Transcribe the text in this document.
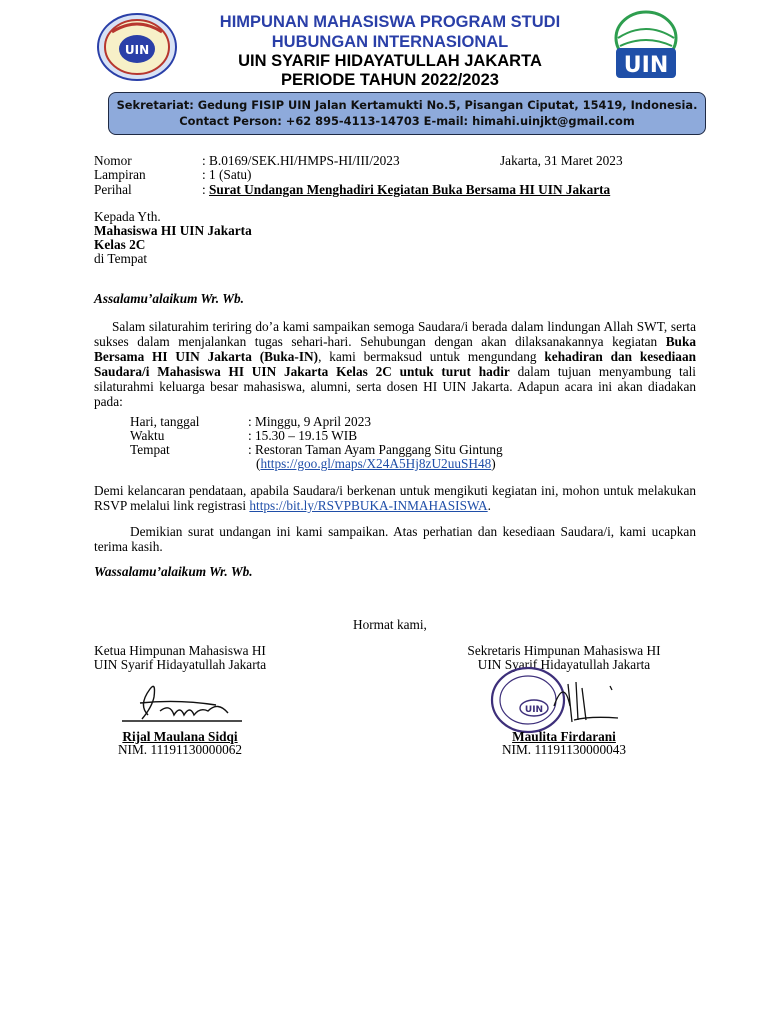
UIN
UIN
HIMPUNAN MAHASISWA PROGRAM STUDI
HUBUNGAN INTERNASIONAL
UIN SYARIF HIDAYATULLAH JAKARTA
PERIODE TAHUN 2022/2023
Sekretariat: Gedung FISIP UIN Jalan Kertamukti No.5, Pisangan Ciputat, 15419, Indonesia.
Contact Person: +62 895-4113-14703 E-mail: himahi.uinjkt@gmail.com
Nomor	: B.0169/SEK.HI/HMPS-HI/III/2023	Jakarta, 31 Maret 2023
Lampiran	: 1 (Satu)
Perihal	: Surat Undangan Menghadiri Kegiatan Buka Bersama HI UIN Jakarta
Kepada Yth.
Mahasiswa HI UIN Jakarta
Kelas 2C
di Tempat
Assalamu’alaikum Wr. Wb.
Salam silaturahim teriring do’a kami sampaikan semoga Saudara/i berada dalam lindungan Allah SWT, serta sukses dalam menjalankan tugas sehari-hari. Sehubungan dengan akan dilaksanakannya kegiatan Buka Bersama HI UIN Jakarta (Buka-IN), kami bermaksud untuk mengundang kehadiran dan kesediaan Saudara/i Mahasiswa HI UIN Jakarta Kelas 2C untuk turut hadir dalam tujuan menyambung tali silaturahmi keluarga besar mahasiswa, alumni, serta dosen HI UIN Jakarta. Adapun acara ini akan diadakan pada:
Hari, tanggal	: Minggu, 9 April 2023
Waktu	: 15.30 – 19.15 WIB
Tempat	: Restoran Taman Ayam Panggang Situ Gintung
(https://goo.gl/maps/X24A5Hj8zU2uuSH48)
Demi kelancaran pendataan, apabila Saudara/i berkenan untuk mengikuti kegiatan ini, mohon untuk melakukan RSVP melalui link registrasi https://bit.ly/RSVPBUKA-INMAHASISWA.
Demikian surat undangan ini kami sampaikan. Atas perhatian dan kesediaan Saudara/i, kami ucapkan terima kasih.
Wassalamu’alaikum Wr. Wb.
Hormat kami,
Ketua Himpunan Mahasiswa HI
UIN Syarif Hidayatullah Jakarta
Sekretaris Himpunan Mahasiswa HI
UIN Syarif Hidayatullah Jakarta
UIN
Rijal Maulana Sidqi
NIM. 11191130000062
Maulita Firdarani
NIM. 11191130000043
